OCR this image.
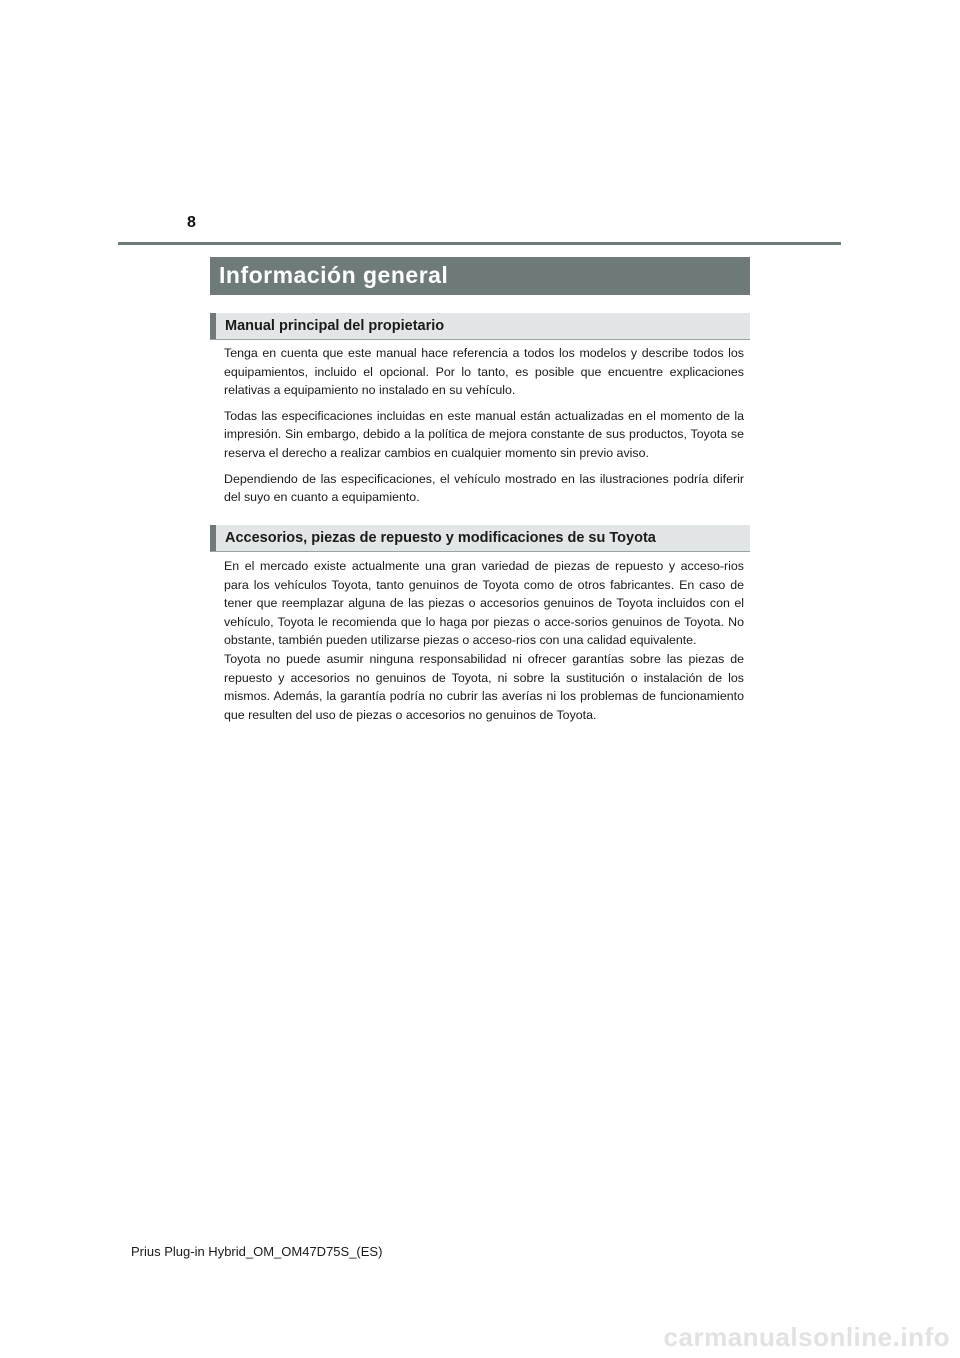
8
Información general
Manual principal del propietario

Tenga en cuenta que este manual hace referencia a todos los modelos y describe todos los equipamientos, incluido el opcional. Por lo tanto, es posible que encuentre explicaciones relativas a equipamiento no instalado en su vehículo.

Todas las especificaciones incluidas en este manual están actualizadas en el momento de la impresión. Sin embargo, debido a la política de mejora constante de sus productos, Toyota se reserva el derecho a realizar cambios en cualquier momento sin previo aviso.

Dependiendo de las especificaciones, el vehículo mostrado en las ilustraciones podría diferir del suyo en cuanto a equipamiento.

Accesorios, piezas de repuesto y modificaciones de su Toyota

En el mercado existe actualmente una gran variedad de piezas de repuesto y acceso-rios para los vehículos Toyota, tanto genuinos de Toyota como de otros fabricantes. En caso de tener que reemplazar alguna de las piezas o accesorios genuinos de Toyota incluidos con el vehículo, Toyota le recomienda que lo haga por piezas o acce-sorios genuinos de Toyota. No obstante, también pueden utilizarse piezas o acceso-rios con una calidad equivalente.

Toyota no puede asumir ninguna responsabilidad ni ofrecer garantías sobre las piezas de repuesto y accesorios no genuinos de Toyota, ni sobre la sustitución o instalación de los mismos. Además, la garantía podría no cubrir las averías ni los problemas de funcionamiento que resulten del uso de piezas o accesorios no genuinos de Toyota.

Prius Plug-in Hybrid_OM_OM47D75S_(ES)
carmanualsonline.info
